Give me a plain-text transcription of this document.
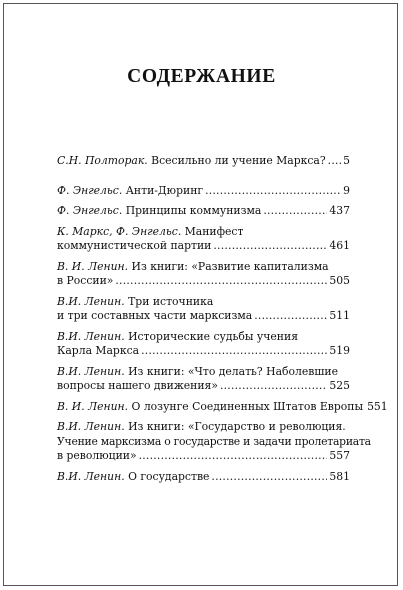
СОДЕРЖАНИЕ
С.Н. Полторак. Всесильно ли учение Маркса? . . . 5
Ф. Энгельс. Анти-Дюринг . . .	9
Ф. Энгельс. Принципы коммунизма . . .	437
К. Маркс, Ф. Энгельс. Манифест
коммунистической партии . . .	461
В. И. Ленин. Из книги: «Развитие капитализма
в России» . . .	505
В.И. Ленин. Три источника
и три составных части марксизма . . .	511
В.И. Ленин. Исторические судьбы учения
Карла Маркса . . .	519
В.И. Ленин. Из книги: «Что делать? Наболевшие
вопросы нашего движения» . . .	525
В. И. Ленин. О лозунге Соединенных Штатов Европы 551
В.И. Ленин. Из книги: «Государство и революция.
Учение марксизма о государстве и задачи пролетариата
в революции» . . .	557
В.И. Ленин. О государстве . . .	581
